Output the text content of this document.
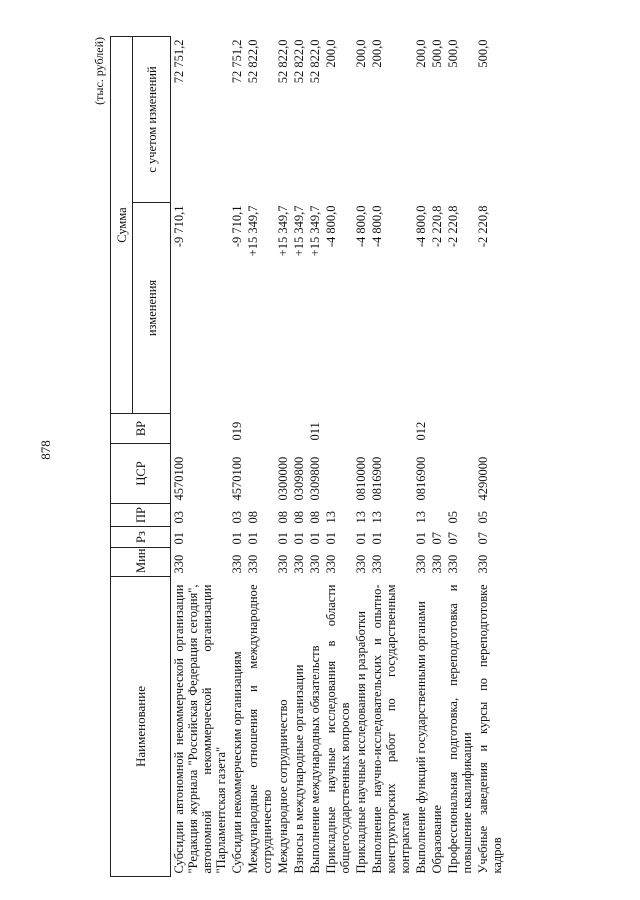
878
(тыс. рублей)
Наименование	Мин	Рз	ПР	ЦСР	ВР	Сумма	
						изменения	с учетом изменений
Субсидии автономной некоммерческой организации "Редакция журнала "Российская Федерация сегодня", автономной некоммерческой организации "Парламентская газета"	330	01	03	4570100		-9 710,1	72 751,2
Субсидии некоммерческим организациям	330	01	03	4570100	019	-9 710,1	72 751,2
Международные отношения и международное сотрудничество	330	01	08			+15 349,7	52 822,0
Международное сотрудничество	330	01	08	0300000		+15 349,7	52 822,0
Взносы в международные организации	330	01	08	0309800		+15 349,7	52 822,0
Выполнение международных обязательств	330	01	08	0309800	011	+15 349,7	52 822,0
Прикладные научные исследования в области общегосударственных вопросов	330	01	13			-4 800,0	200,0
Прикладные научные исследования и разработки	330	01	13	0810000		-4 800,0	200,0
Выполнение научно-исследовательских и опытно-конструкторских работ по государственным контрактам	330	01	13	0816900		-4 800,0	200,0
Выполнение функций государственными органами	330	01	13	0816900	012	-4 800,0	200,0
Образование	330	07				-2 220,8	500,0
Профессиональная подготовка, переподготовка и повышение квалификации	330	07	05			-2 220,8	500,0
Учебные заведения и курсы по переподготовке кадров	330	07	05	4290000		-2 220,8	500,0
